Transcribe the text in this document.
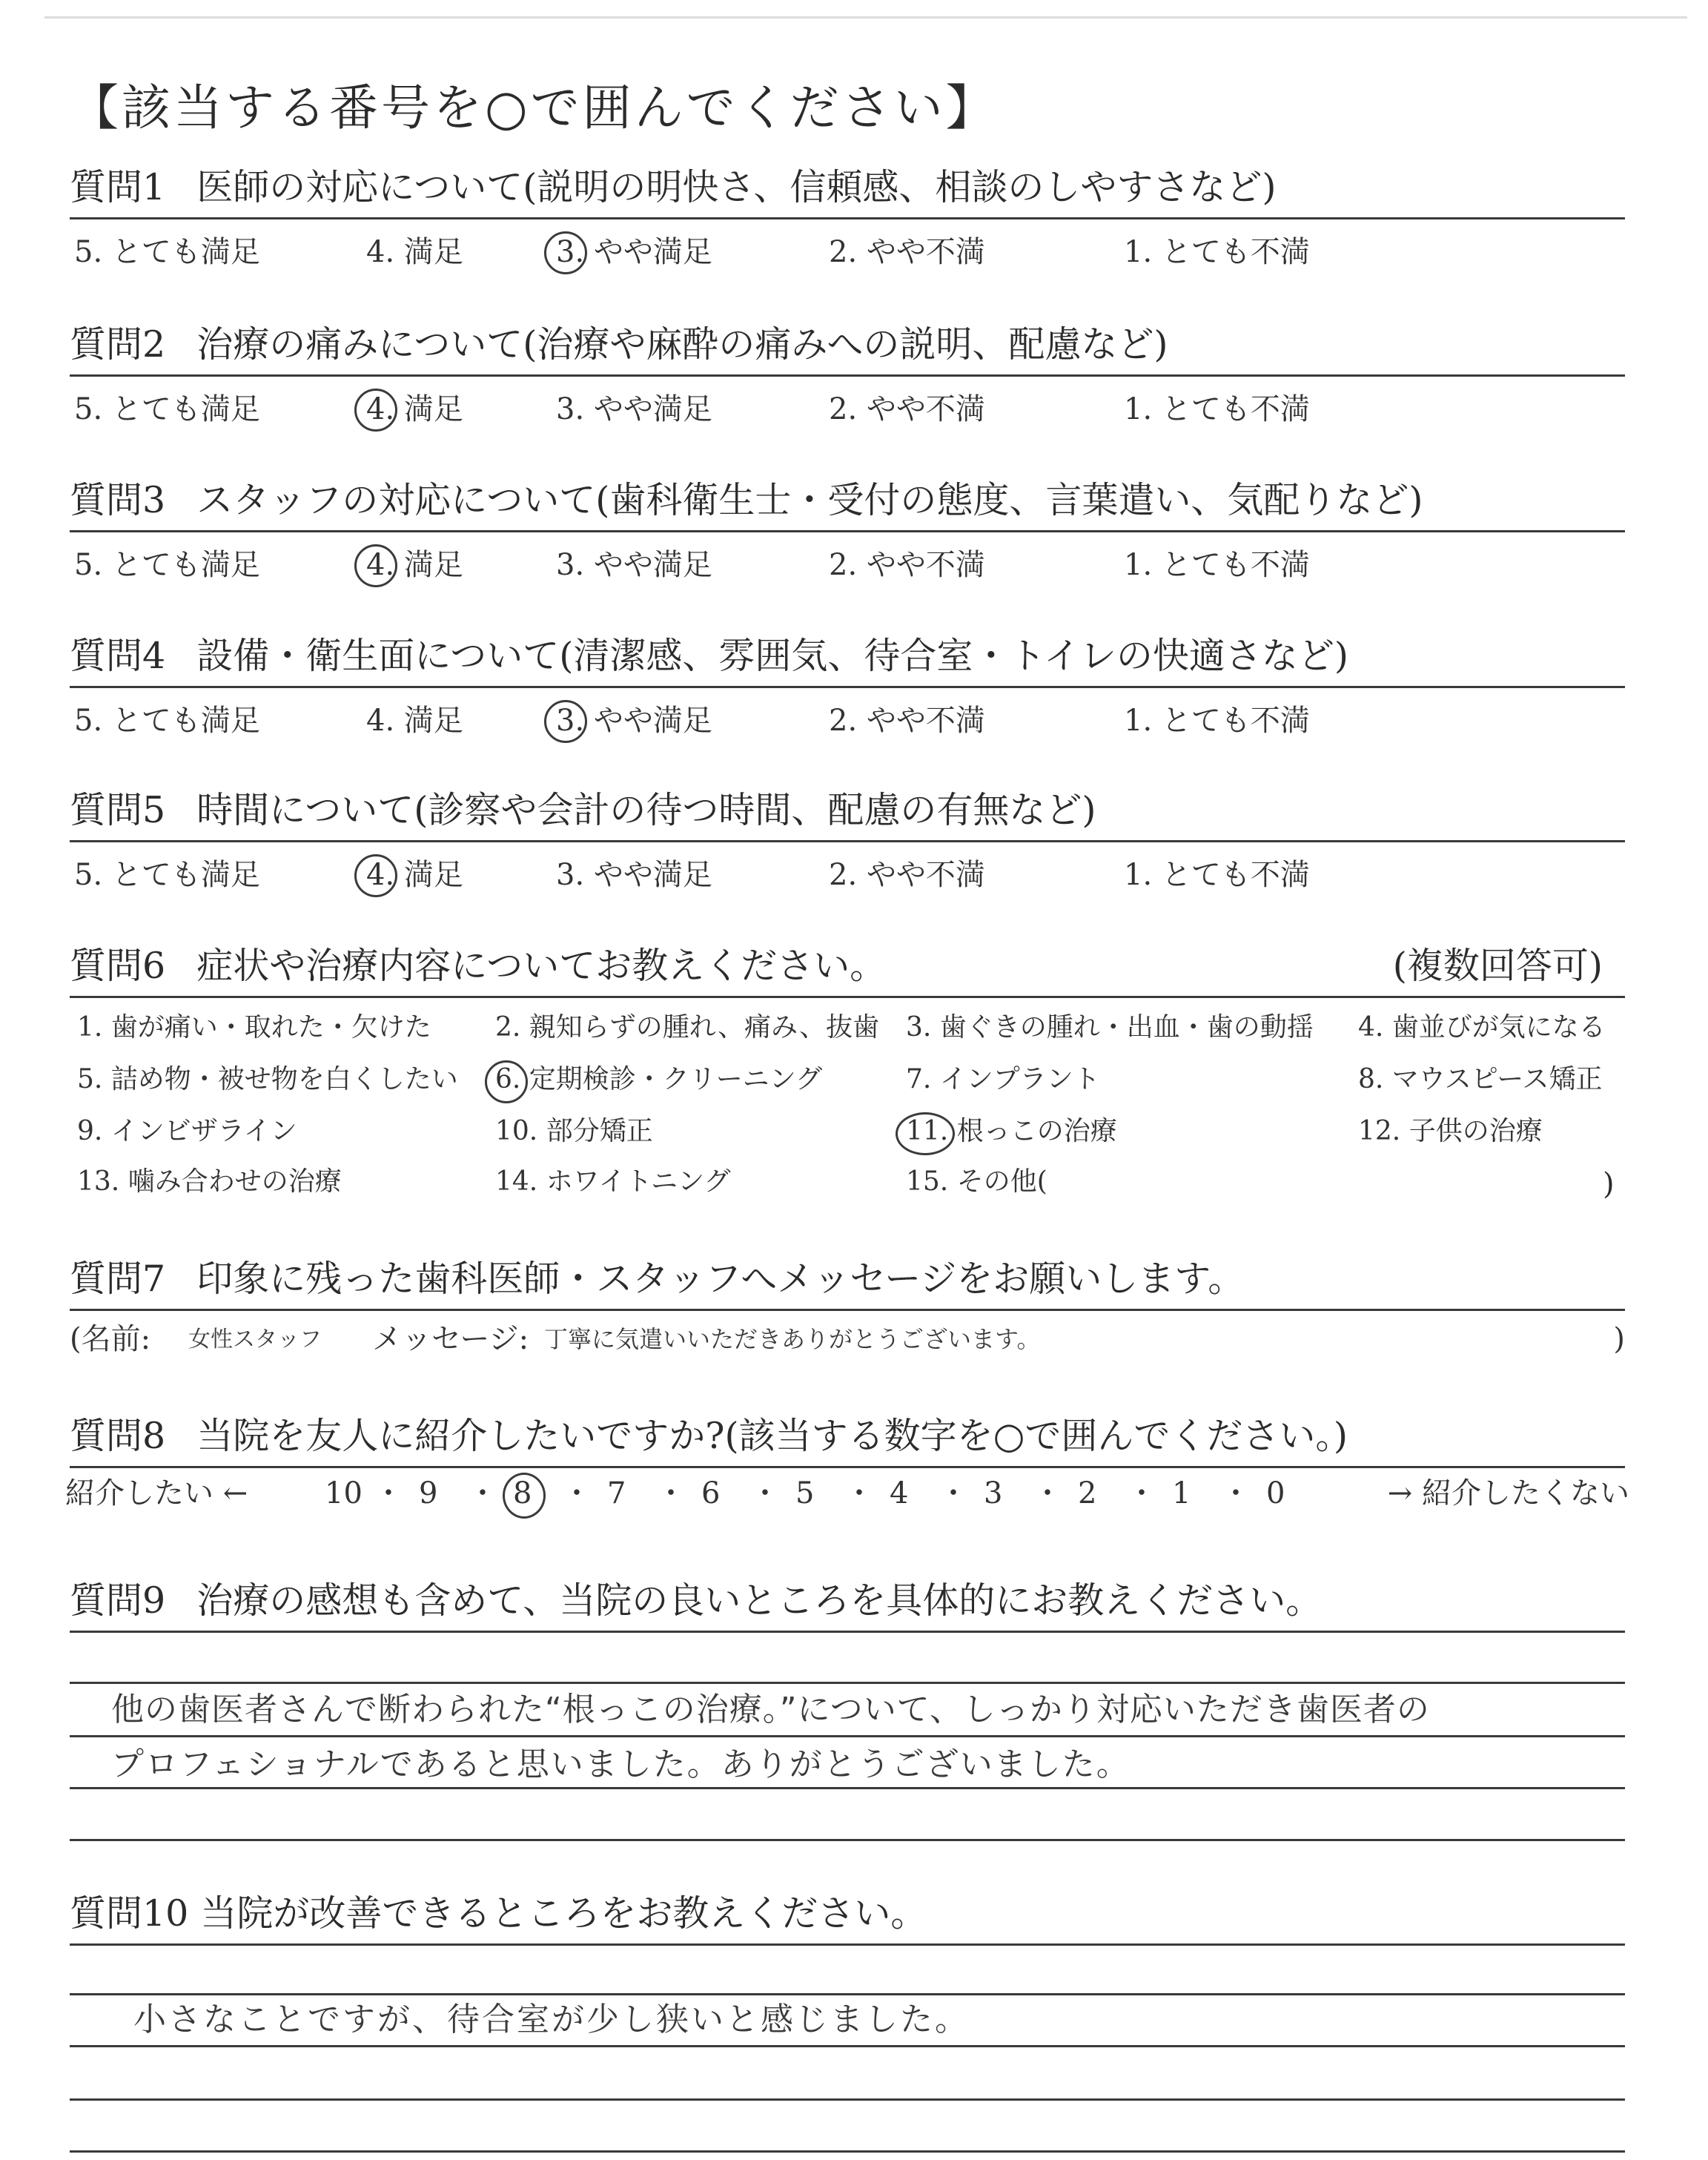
【該当する番号を○で囲んでください】
質問1 医師の対応について(説明の明快さ、信頼感、相談のしやすさなど)
5. とても満足	4. 満足	3. やや満足	2. やや不満	1. とても不満
質問2 治療の痛みについて(治療や麻酔の痛みへの説明、配慮など)
5. とても満足	4. 満足	3. やや満足	2. やや不満	1. とても不満
質問3 スタッフの対応について(歯科衛生士・受付の態度、言葉遣い、気配りなど)
5. とても満足	4. 満足	3. やや満足	2. やや不満	1. とても不満
質問4 設備・衛生面について(清潔感、雰囲気、待合室・トイレの快適さなど)
5. とても満足	4. 満足	3. やや満足	2. やや不満	1. とても不満
質問5 時間について(診察や会計の待つ時間、配慮の有無など)
5. とても満足	4. 満足	3. やや満足	2. やや不満	1. とても不満
質問6 症状や治療内容についてお教えください。	(複数回答可)
1. 歯が痛い・取れた・欠けた 2. 親知らずの腫れ、痛み、抜歯 3. 歯ぐきの腫れ・出血・歯の動揺 4. 歯並びが気になる
5. 詰め物・被せ物を白くしたい 6. 定期検診・クリーニング	7. インプラント	8. マウスピース矯正
9. インビザライン	10. 部分矯正	11. 根っこの治療	12. 子供の治療
13. 噛み合わせの治療	14. ホワイトニング	15. その他(	)
質問7 印象に残った歯科医師・スタッフへメッセージをお願いします。
(名前: 女性スタッフ メッセージ: 丁寧に気遣いいただきありがとうございます。	)
質問8 当院を友人に紹介したいですか?(該当する数字を○で囲んでください。)
紹介したい ←	→ 紹介したくない
10 ・ 9 ・ 8 ・ 7 ・ 6 ・ 5 ・ 4 ・ 3 ・ 2 ・ 1 ・ 0
質問9 治療の感想も含めて、当院の良いところを具体的にお教えください。
他の歯医者さんで断わられた“根っこの治療。”について、しっかり対応いただき歯医者の
プロフェショナルであると思いました。ありがとうございました。
質問10 当院が改善できるところをお教えください。
小さなことですが、待合室が少し狭いと感じました。
